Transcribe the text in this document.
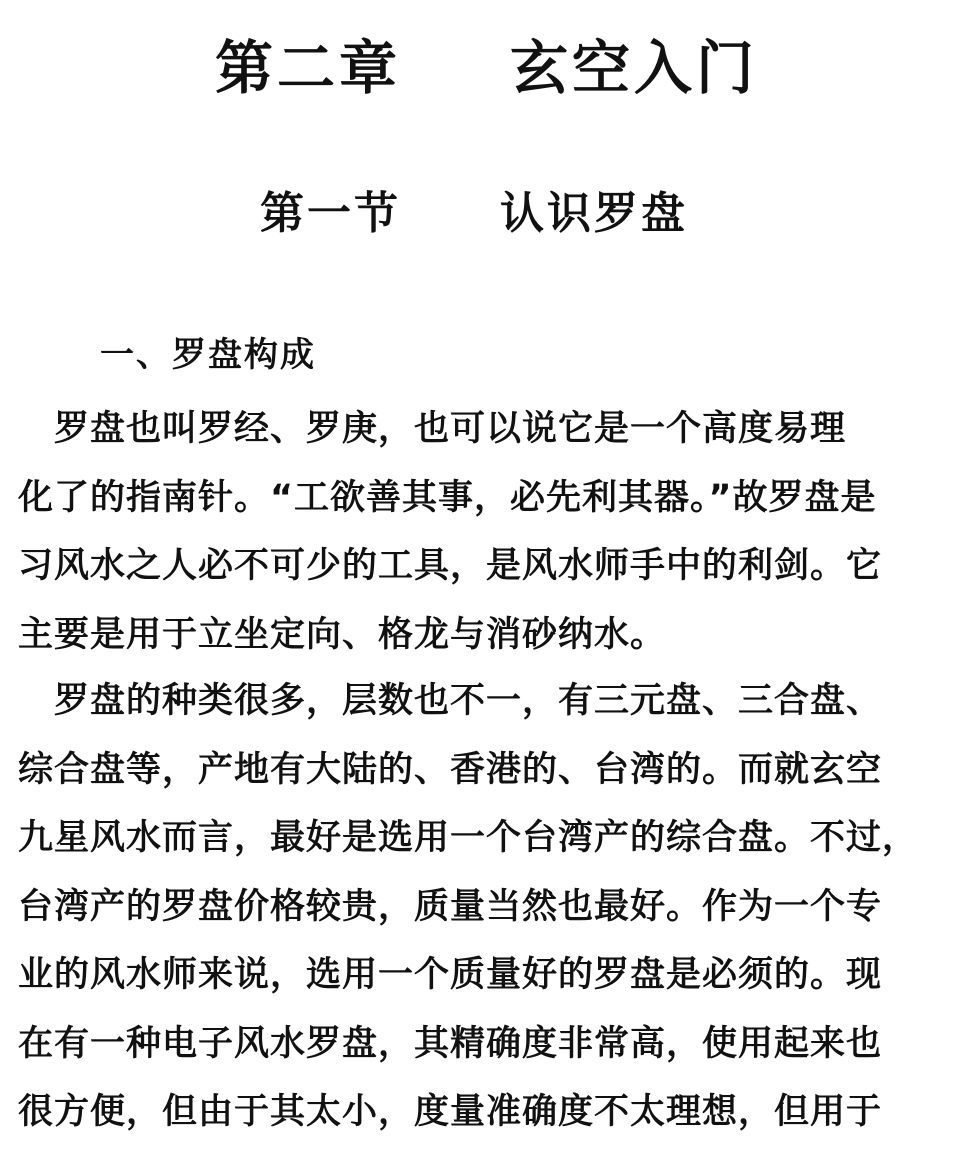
第二章 玄空入门
第一节 认识罗盘
一、罗盘构成
　罗盘也叫罗经、罗庚，也可以说它是一个高度易理
化了的指南针。“工欲善其事，必先利其器。”故罗盘是
习风水之人必不可少的工具，是风水师手中的利剑。它
主要是用于立坐定向、格龙与消砂纳水。
　罗盘的种类很多，层数也不一，有三元盘、三合盘、
综合盘等，产地有大陆的、香港的、台湾的。而就玄空
九星风水而言，最好是选用一个台湾产的综合盘。不过，
台湾产的罗盘价格较贵，质量当然也最好。作为一个专
业的风水师来说，选用一个质量好的罗盘是必须的。现
在有一种电子风水罗盘，其精确度非常高，使用起来也
很方便，但由于其太小，度量准确度不太理想，但用于
